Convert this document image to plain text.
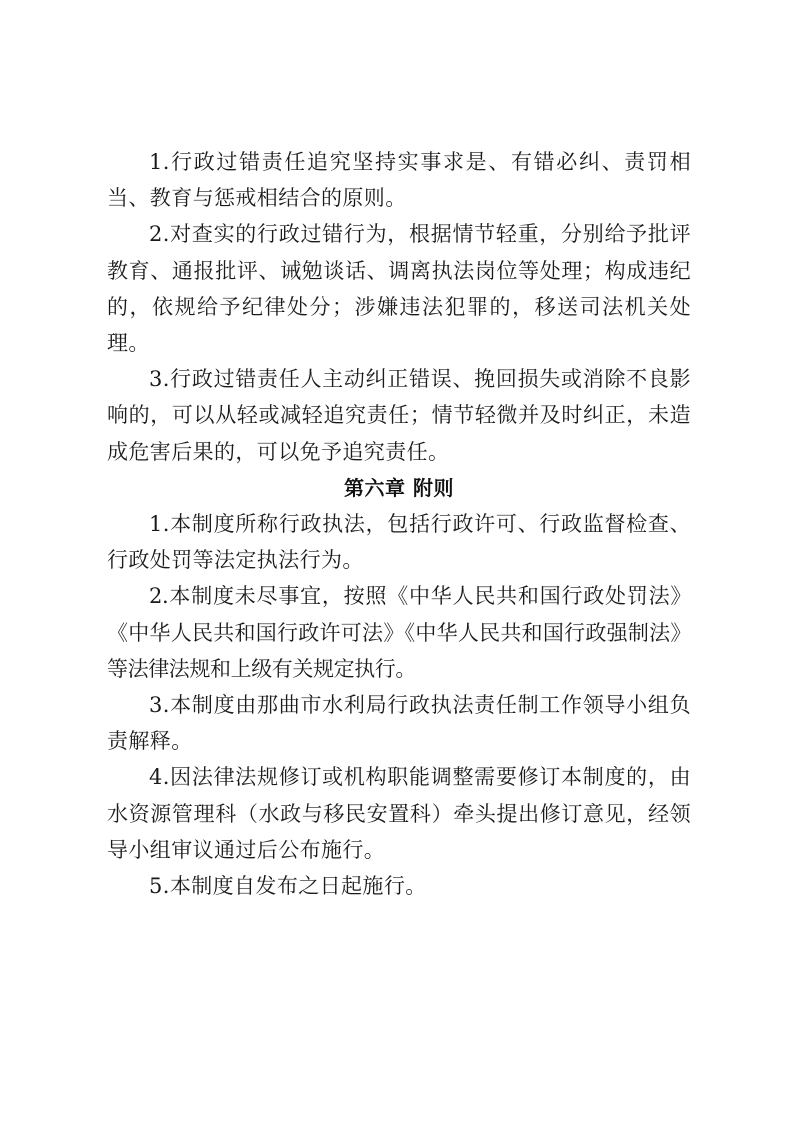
1.行政过错责任追究坚持实事求是、有错必纠、责罚相当、教育与惩戒相结合的原则。

2.对查实的行政过错行为，根据情节轻重，分别给予批评教育、通报批评、诫勉谈话、调离执法岗位等处理；构成违纪的，依规给予纪律处分；涉嫌违法犯罪的，移送司法机关处理。

3.行政过错责任人主动纠正错误、挽回损失或消除不良影响的，可以从轻或减轻追究责任；情节轻微并及时纠正，未造成危害后果的，可以免予追究责任。

第六章 附则

1.本制度所称行政执法，包括行政许可、行政监督检查、行政处罚等法定执法行为。

2.本制度未尽事宜，按照《中华人民共和国行政处罚法》《中华人民共和国行政许可法》《中华人民共和国行政强制法》等法律法规和上级有关规定执行。

3.本制度由那曲市水利局行政执法责任制工作领导小组负责解释。

4.因法律法规修订或机构职能调整需要修订本制度的，由水资源管理科（水政与移民安置科）牵头提出修订意见，经领导小组审议通过后公布施行。

5.本制度自发布之日起施行。
